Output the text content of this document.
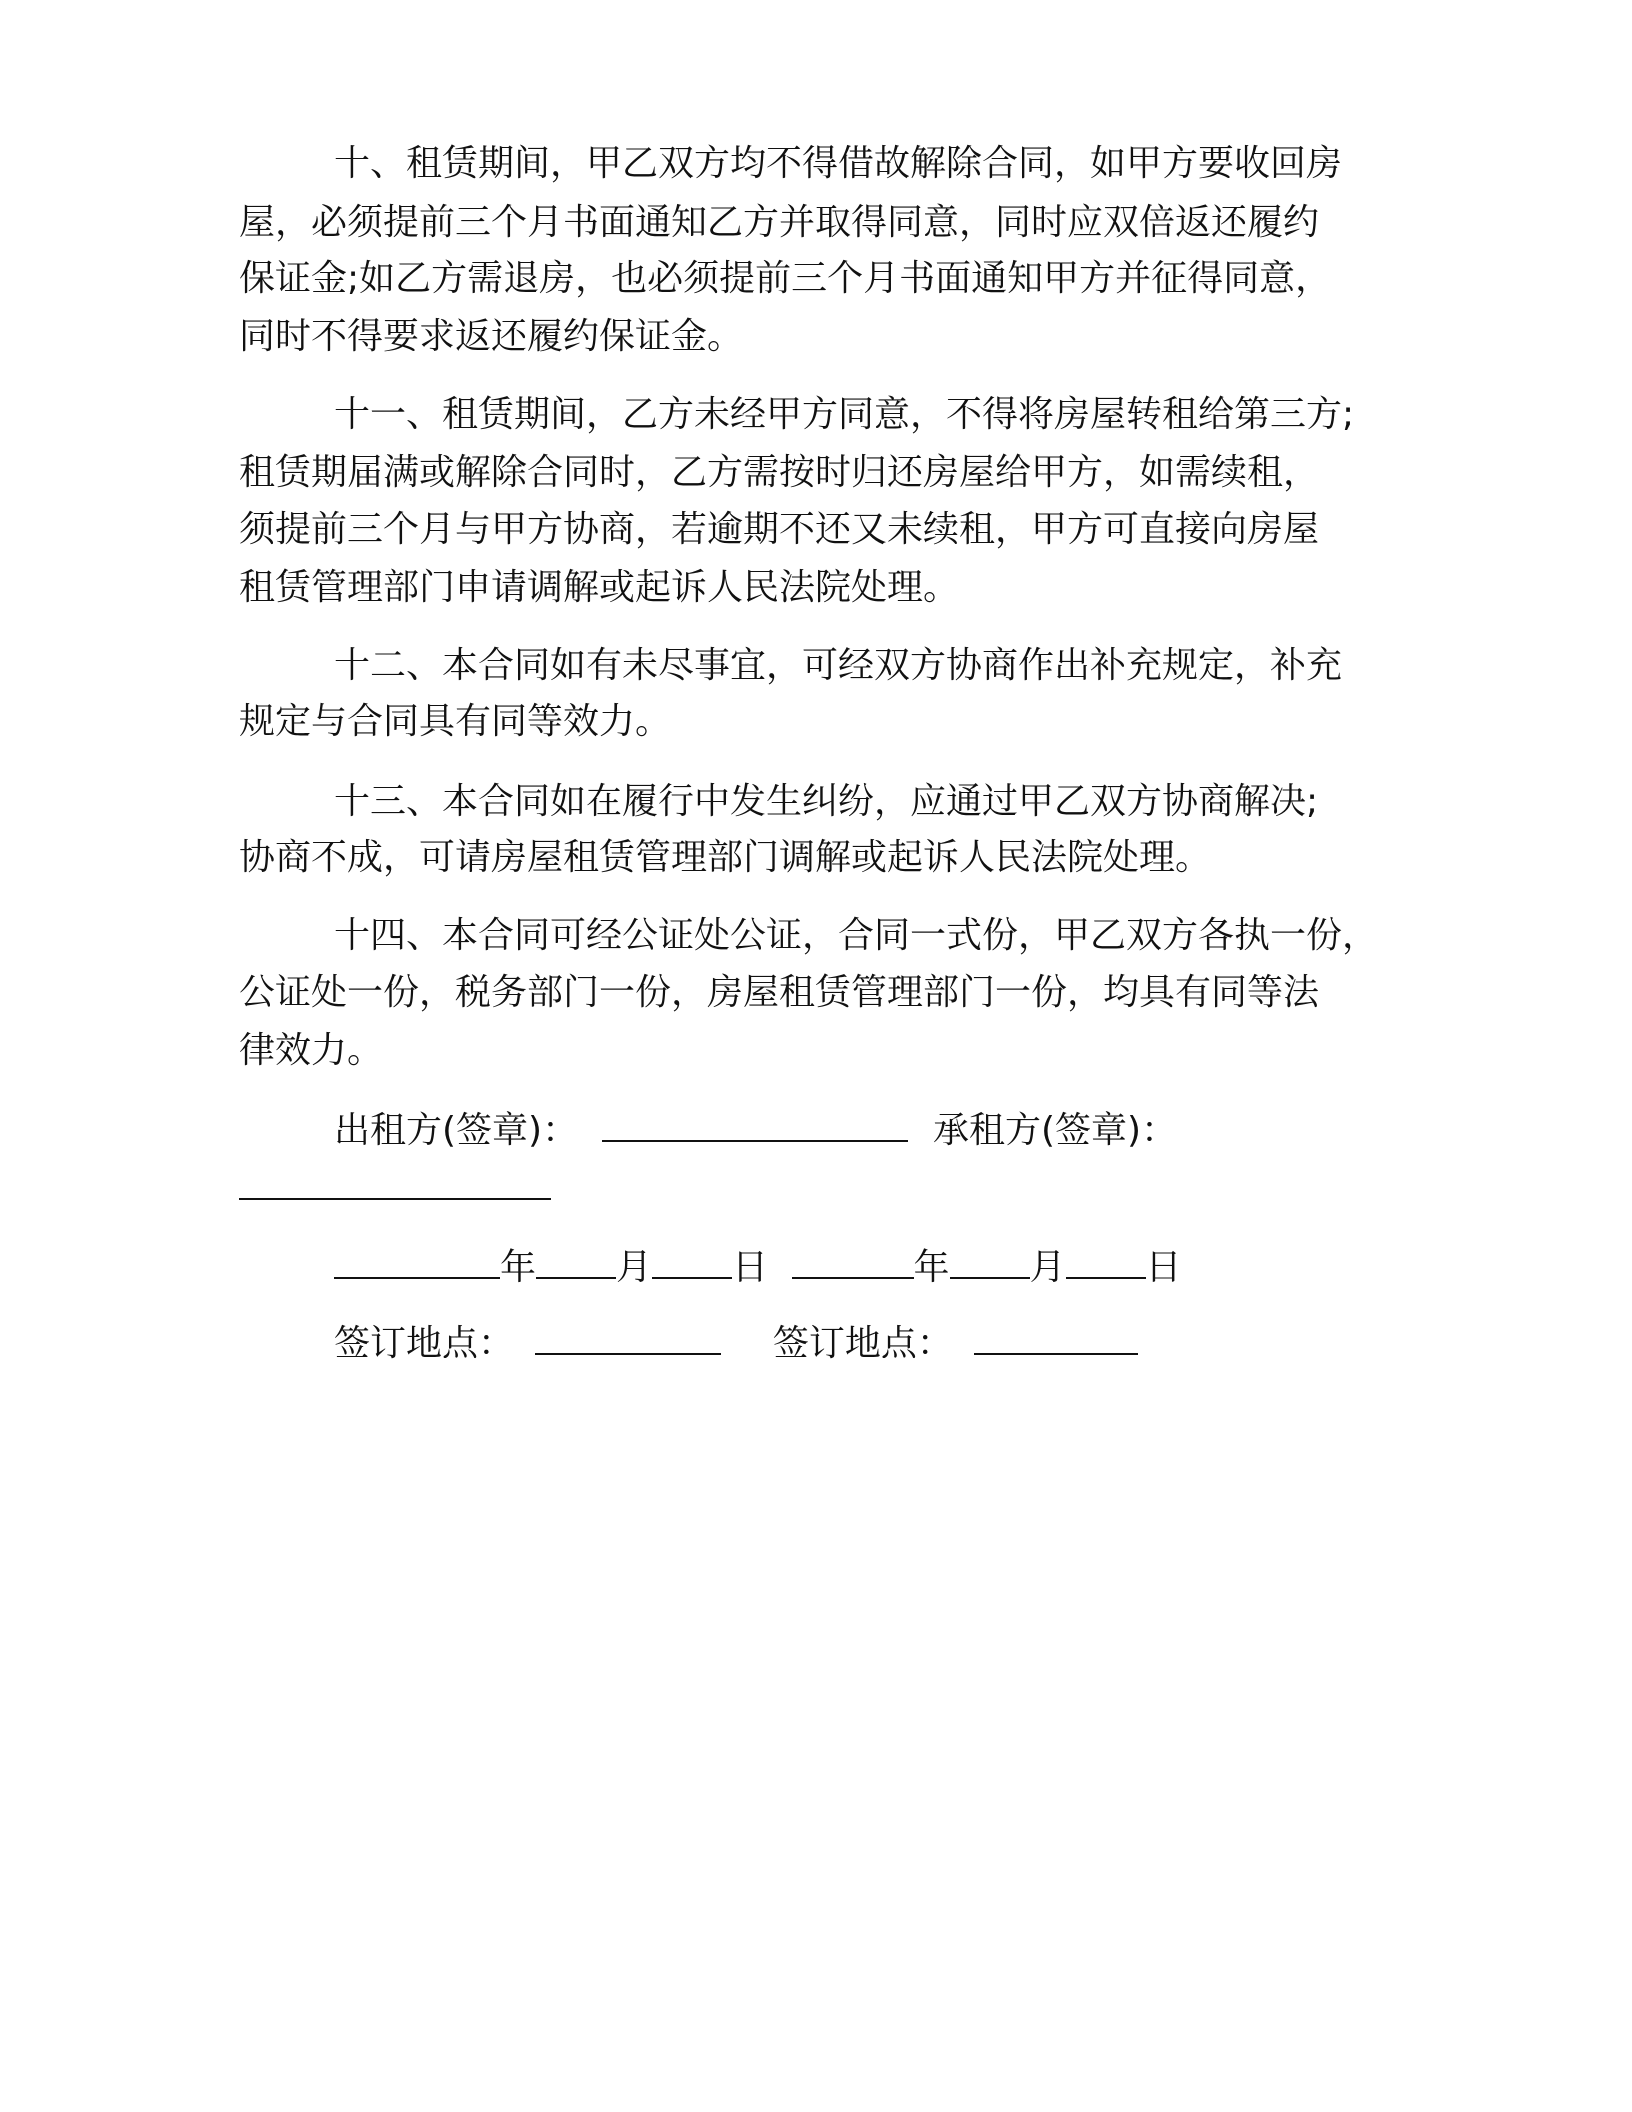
十、租赁期间，甲乙双方均不得借故解除合同，如甲方要收回房
屋，必须提前三个月书面通知乙方并取得同意，同时应双倍返还履约
保证金;如乙方需退房，也必须提前三个月书面通知甲方并征得同意，
同时不得要求返还履约保证金。
十一、租赁期间，乙方未经甲方同意，不得将房屋转租给第三方;
租赁期届满或解除合同时，乙方需按时归还房屋给甲方，如需续租，
须提前三个月与甲方协商，若逾期不还又未续租，甲方可直接向房屋
租赁管理部门申请调解或起诉人民法院处理。
十二、本合同如有未尽事宜，可经双方协商作出补充规定，补充
规定与合同具有同等效力。
十三、本合同如在履行中发生纠纷，应通过甲乙双方协商解决;
协商不成，可请房屋租赁管理部门调解或起诉人民法院处理。
十四、本合同可经公证处公证，合同一式份，甲乙双方各执一份，
公证处一份，税务部门一份，房屋租赁管理部门一份，均具有同等法
律效力。
出租方(签章)：	承租方(签章)：
年 月 日	年 月 日
签订地点：	签订地点：
